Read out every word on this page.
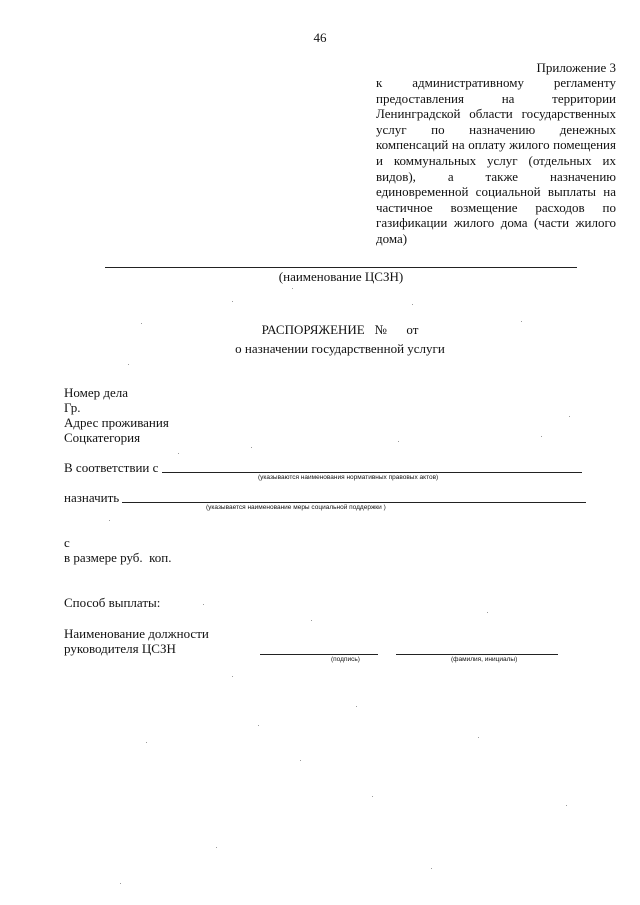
46
Приложение 3
к административному регламенту предоставления на территории Ленинградской области государственных услуг по назначению денежных компенсаций на оплату жилого помещения и коммунальных услуг (отдельных их видов), а также назначению единовременной социальной выплаты на частичное возмещение расходов по газификации жилого дома (части жилого дома)
(наименование ЦСЗН)
РАСПОРЯЖЕНИЕ   №      от
о назначении государственной услуги
Номер дела
Гр.
Адрес проживания
Соцкатегория
В соответствии с
(указываются наименования нормативных правовых актов)
назначить
(указывается наименование меры социальной поддержки )
с
в размере руб.  коп.
Способ выплаты:
Наименование должности
руководителя ЦСЗН
(подпись)	(фамилия, инициалы)
